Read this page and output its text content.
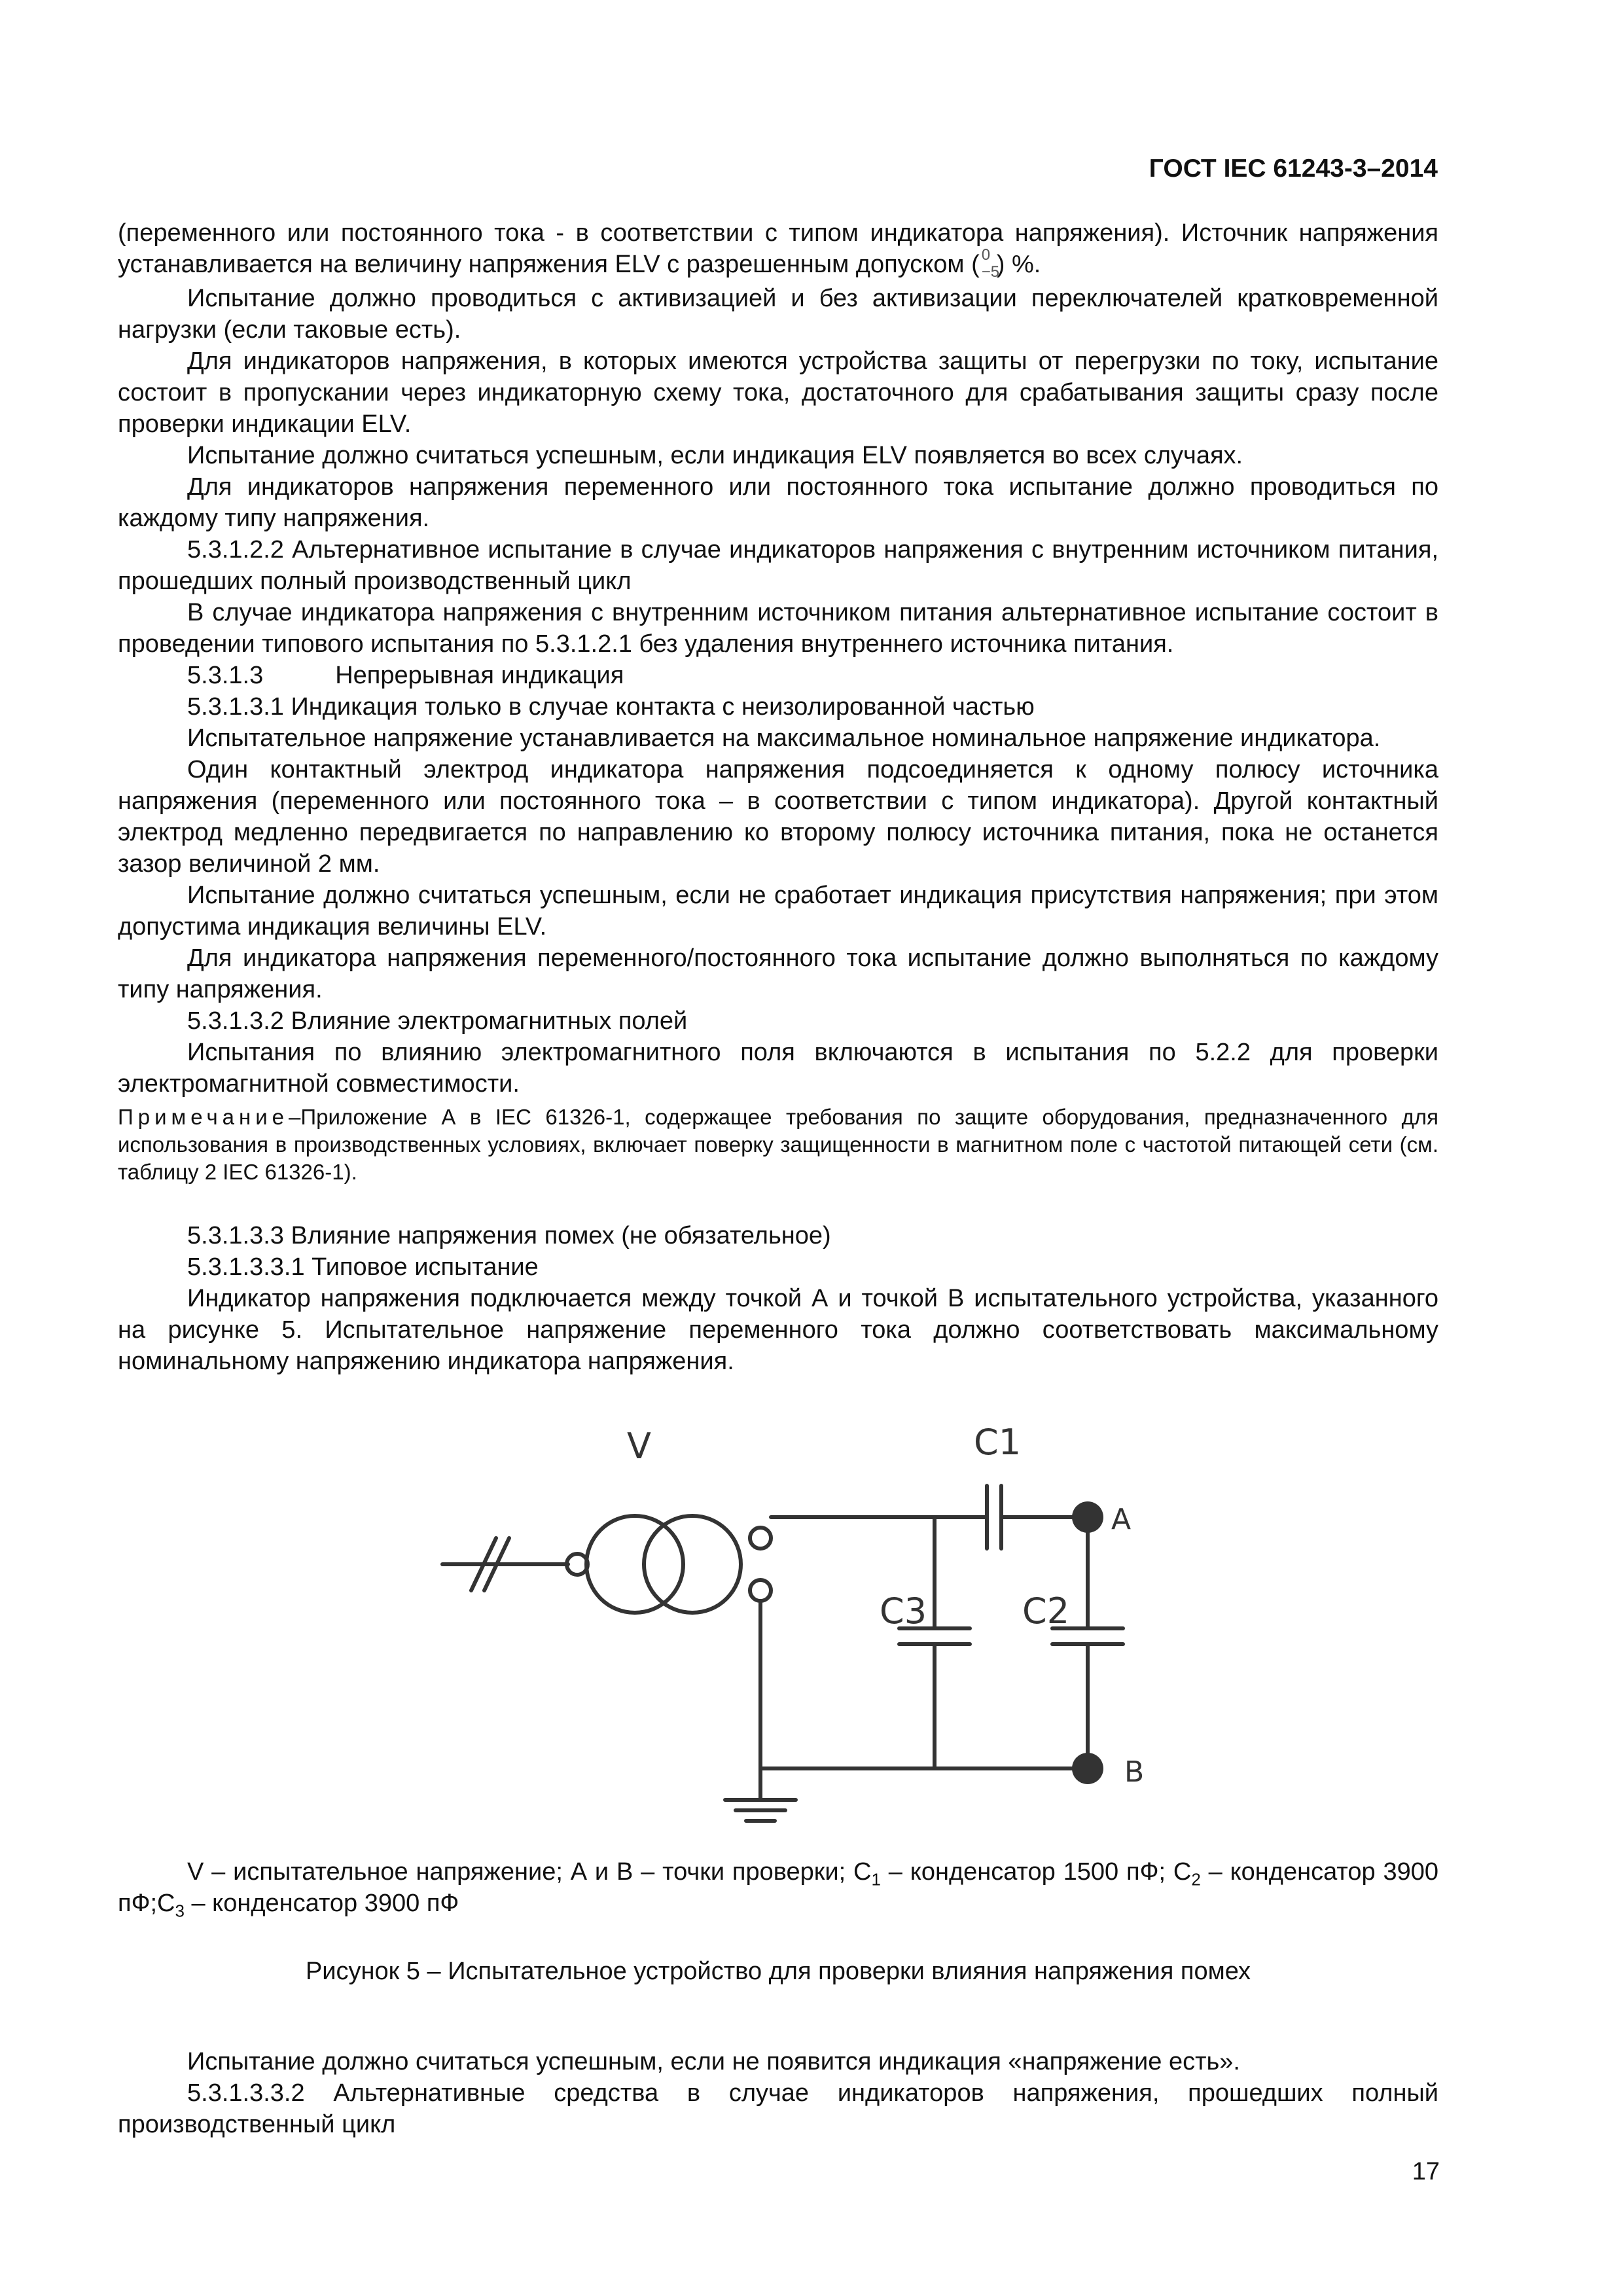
ГОСТ IEC 61243-3–2014

(переменного или постоянного тока - в соответствии с типом индикатора напряжения). Источник напряжения устанавливается на величину напряжения ELV с разрешенным допуском ( 0
−5
) %.

Испытание должно проводиться с активизацией и без активизации переключателей кратковременной нагрузки (если таковые есть).

Для индикаторов напряжения, в которых имеются устройства защиты от перегрузки по току, испытание состоит в пропускании через индикаторную схему тока, достаточного для срабатывания защиты сразу после проверки индикации ELV.

Испытание должно считаться успешным, если индикация ELV появляется во всех случаях.

Для индикаторов напряжения переменного или постоянного тока испытание должно проводиться по каждому типу напряжения.

5.3.1.2.2 Альтернативное испытание в случае индикаторов напряжения с внутренним источником питания, прошедших полный производственный цикл

В случае индикатора напряжения с внутренним источником питания альтернативное испытание состоит в проведении типового испытания по 5.3.1.2.1 без удаления внутреннего источника питания.

5.3.1.3	Непрерывная индикация

5.3.1.3.1 Индикация только в случае контакта с неизолированной частью

Испытательное напряжение устанавливается на максимальное номинальное напряжение индикатора.

Один контактный электрод индикатора напряжения подсоединяется к одному полюсу источника напряжения (переменного или постоянного тока – в соответствии с типом индикатора). Другой контактный электрод медленно передвигается по направлению ко второму полюсу источника питания, пока не останется зазор величиной 2 мм.

Испытание должно считаться успешным, если не сработает индикация присутствия напряжения; при этом допустима индикация величины ELV.

Для индикатора напряжения переменного/постоянного тока испытание должно выполняться по каждому типу напряжения.

5.3.1.3.2 Влияние электромагнитных полей

Испытания по влиянию электромагнитного поля включаются в испытания по 5.2.2 для проверки электромагнитной совместимости.

Примечание–Приложение А в IEC 61326-1, содержащее требования по защите оборудования, предназначенного для использования в производственных условиях, включает поверку защищенности в магнитном поле с частотой питающей сети (см. таблицу 2 IEC 61326-1).

5.3.1.3.3 Влияние напряжения помех (не обязательное)

5.3.1.3.3.1 Типовое испытание

Индикатор напряжения подключается между точкой А и точкой В испытательного устройства, указанного на рисунке 5. Испытательное напряжение переменного тока должно соответствовать максимальному номинальному напряжению индикатора напряжения.

V	C1
C3	C2
A
B

V – испытательное напряжение; А и В – точки проверки; $С_1$ – конденсатор 1500 пФ; $С_2$ – конденсатор 3900 $пФ;С_3$ – конденсатор 3900 пФ

Рисунок 5 – Испытательное устройство для проверки влияния напряжения помех

Испытание должно считаться успешным, если не появится индикация «напряжение есть».

5.3.1.3.3.2 Альтернативные средства в случае индикаторов напряжения, прошедших полный производственный цикл

17
